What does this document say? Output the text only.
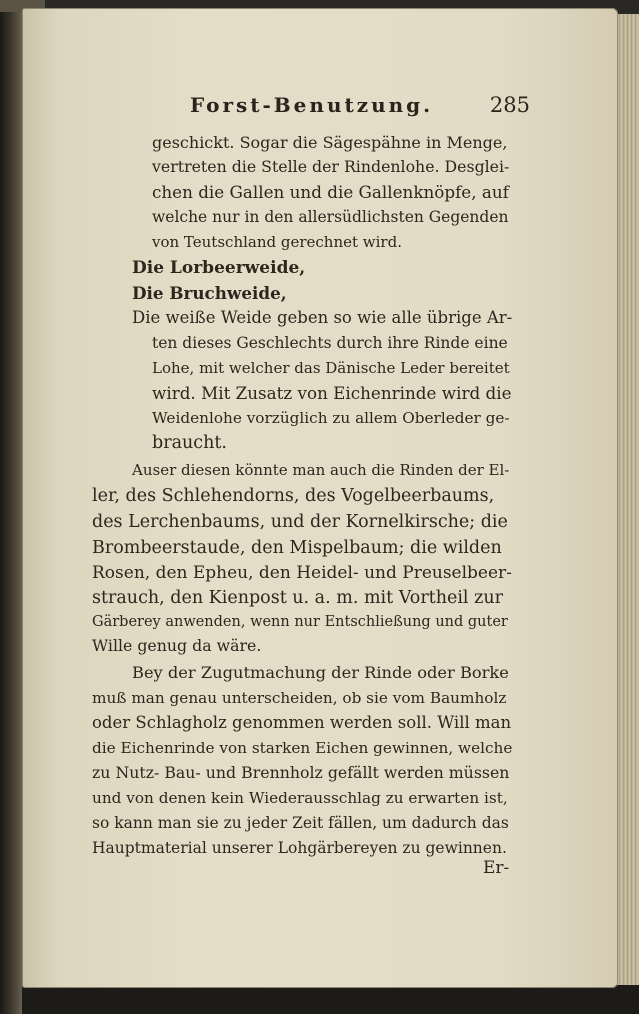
Forst-Benutzung.	285
geschickt. Sogar die Sägespähne in Menge,
vertreten die Stelle der Rindenlohe. Desglei-
chen die Gallen und die Gallenknöpfe, auf
welche nur in den allersüdlichsten Gegenden
von Teutschland gerechnet wird.
Die Lorbeerweide,
Die Bruchweide,
Die weiße Weide geben so wie alle übrige Ar-
ten dieses Geschlechts durch ihre Rinde eine
Lohe, mit welcher das Dänische Leder bereitet
wird. Mit Zusatz von Eichenrinde wird die
Weidenlohe vorzüglich zu allem Oberleder ge-
braucht.
Auser diesen könnte man auch die Rinden der El-
ler, des Schlehendorns, des Vogelbeerbaums,
des Lerchenbaums, und der Kornelkirsche; die
Brombeerstaude, den Mispelbaum; die wilden
Rosen, den Epheu, den Heidel- und Preuselbeer-
strauch, den Kienpost u. a. m. mit Vortheil zur
Gärberey anwenden, wenn nur Entschließung und guter
Wille genug da wäre.
Bey der Zugutmachung der Rinde oder Borke
muß man genau unterscheiden, ob sie vom Baumholz
oder Schlagholz genommen werden soll. Will man
die Eichenrinde von starken Eichen gewinnen, welche
zu Nutz- Bau- und Brennholz gefällt werden müssen
und von denen kein Wiederausschlag zu erwarten ist,
so kann man sie zu jeder Zeit fällen, um dadurch das
Hauptmaterial unserer Lohgärbereyen zu gewinnen.
Er-
